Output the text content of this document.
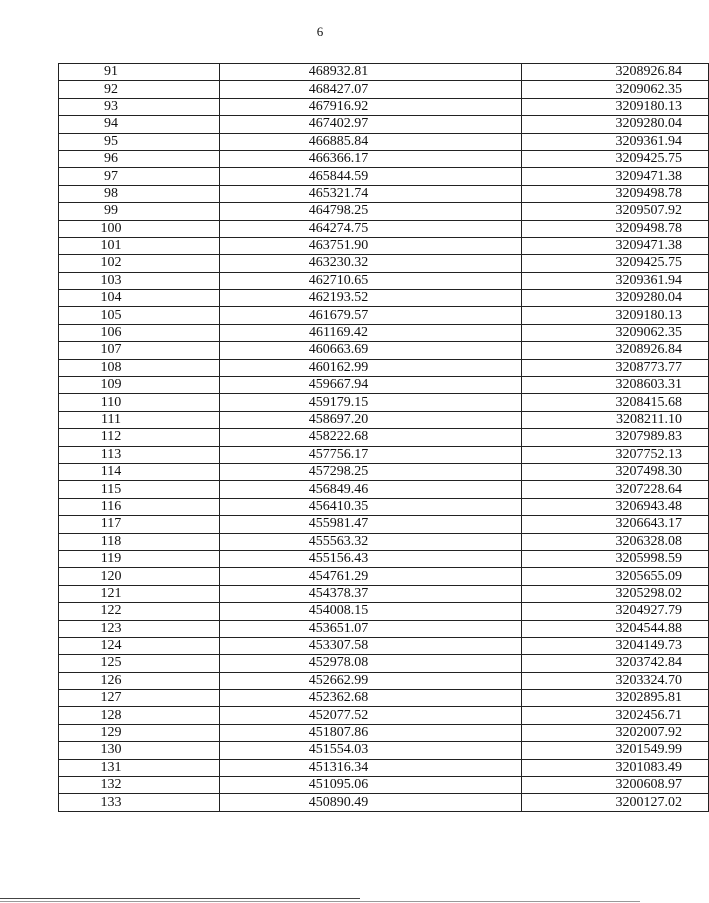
6
91	468932.81	3208926.84
92	468427.07	3209062.35
93	467916.92	3209180.13
94	467402.97	3209280.04
95	466885.84	3209361.94
96	466366.17	3209425.75
97	465844.59	3209471.38
98	465321.74	3209498.78
99	464798.25	3209507.92
100	464274.75	3209498.78
101	463751.90	3209471.38
102	463230.32	3209425.75
103	462710.65	3209361.94
104	462193.52	3209280.04
105	461679.57	3209180.13
106	461169.42	3209062.35
107	460663.69	3208926.84
108	460162.99	3208773.77
109	459667.94	3208603.31
110	459179.15	3208415.68
111	458697.20	3208211.10
112	458222.68	3207989.83
113	457756.17	3207752.13
114	457298.25	3207498.30
115	456849.46	3207228.64
116	456410.35	3206943.48
117	455981.47	3206643.17
118	455563.32	3206328.08
119	455156.43	3205998.59
120	454761.29	3205655.09
121	454378.37	3205298.02
122	454008.15	3204927.79
123	453651.07	3204544.88
124	453307.58	3204149.73
125	452978.08	3203742.84
126	452662.99	3203324.70
127	452362.68	3202895.81
128	452077.52	3202456.71
129	451807.86	3202007.92
130	451554.03	3201549.99
131	451316.34	3201083.49
132	451095.06	3200608.97
133	450890.49	3200127.02
